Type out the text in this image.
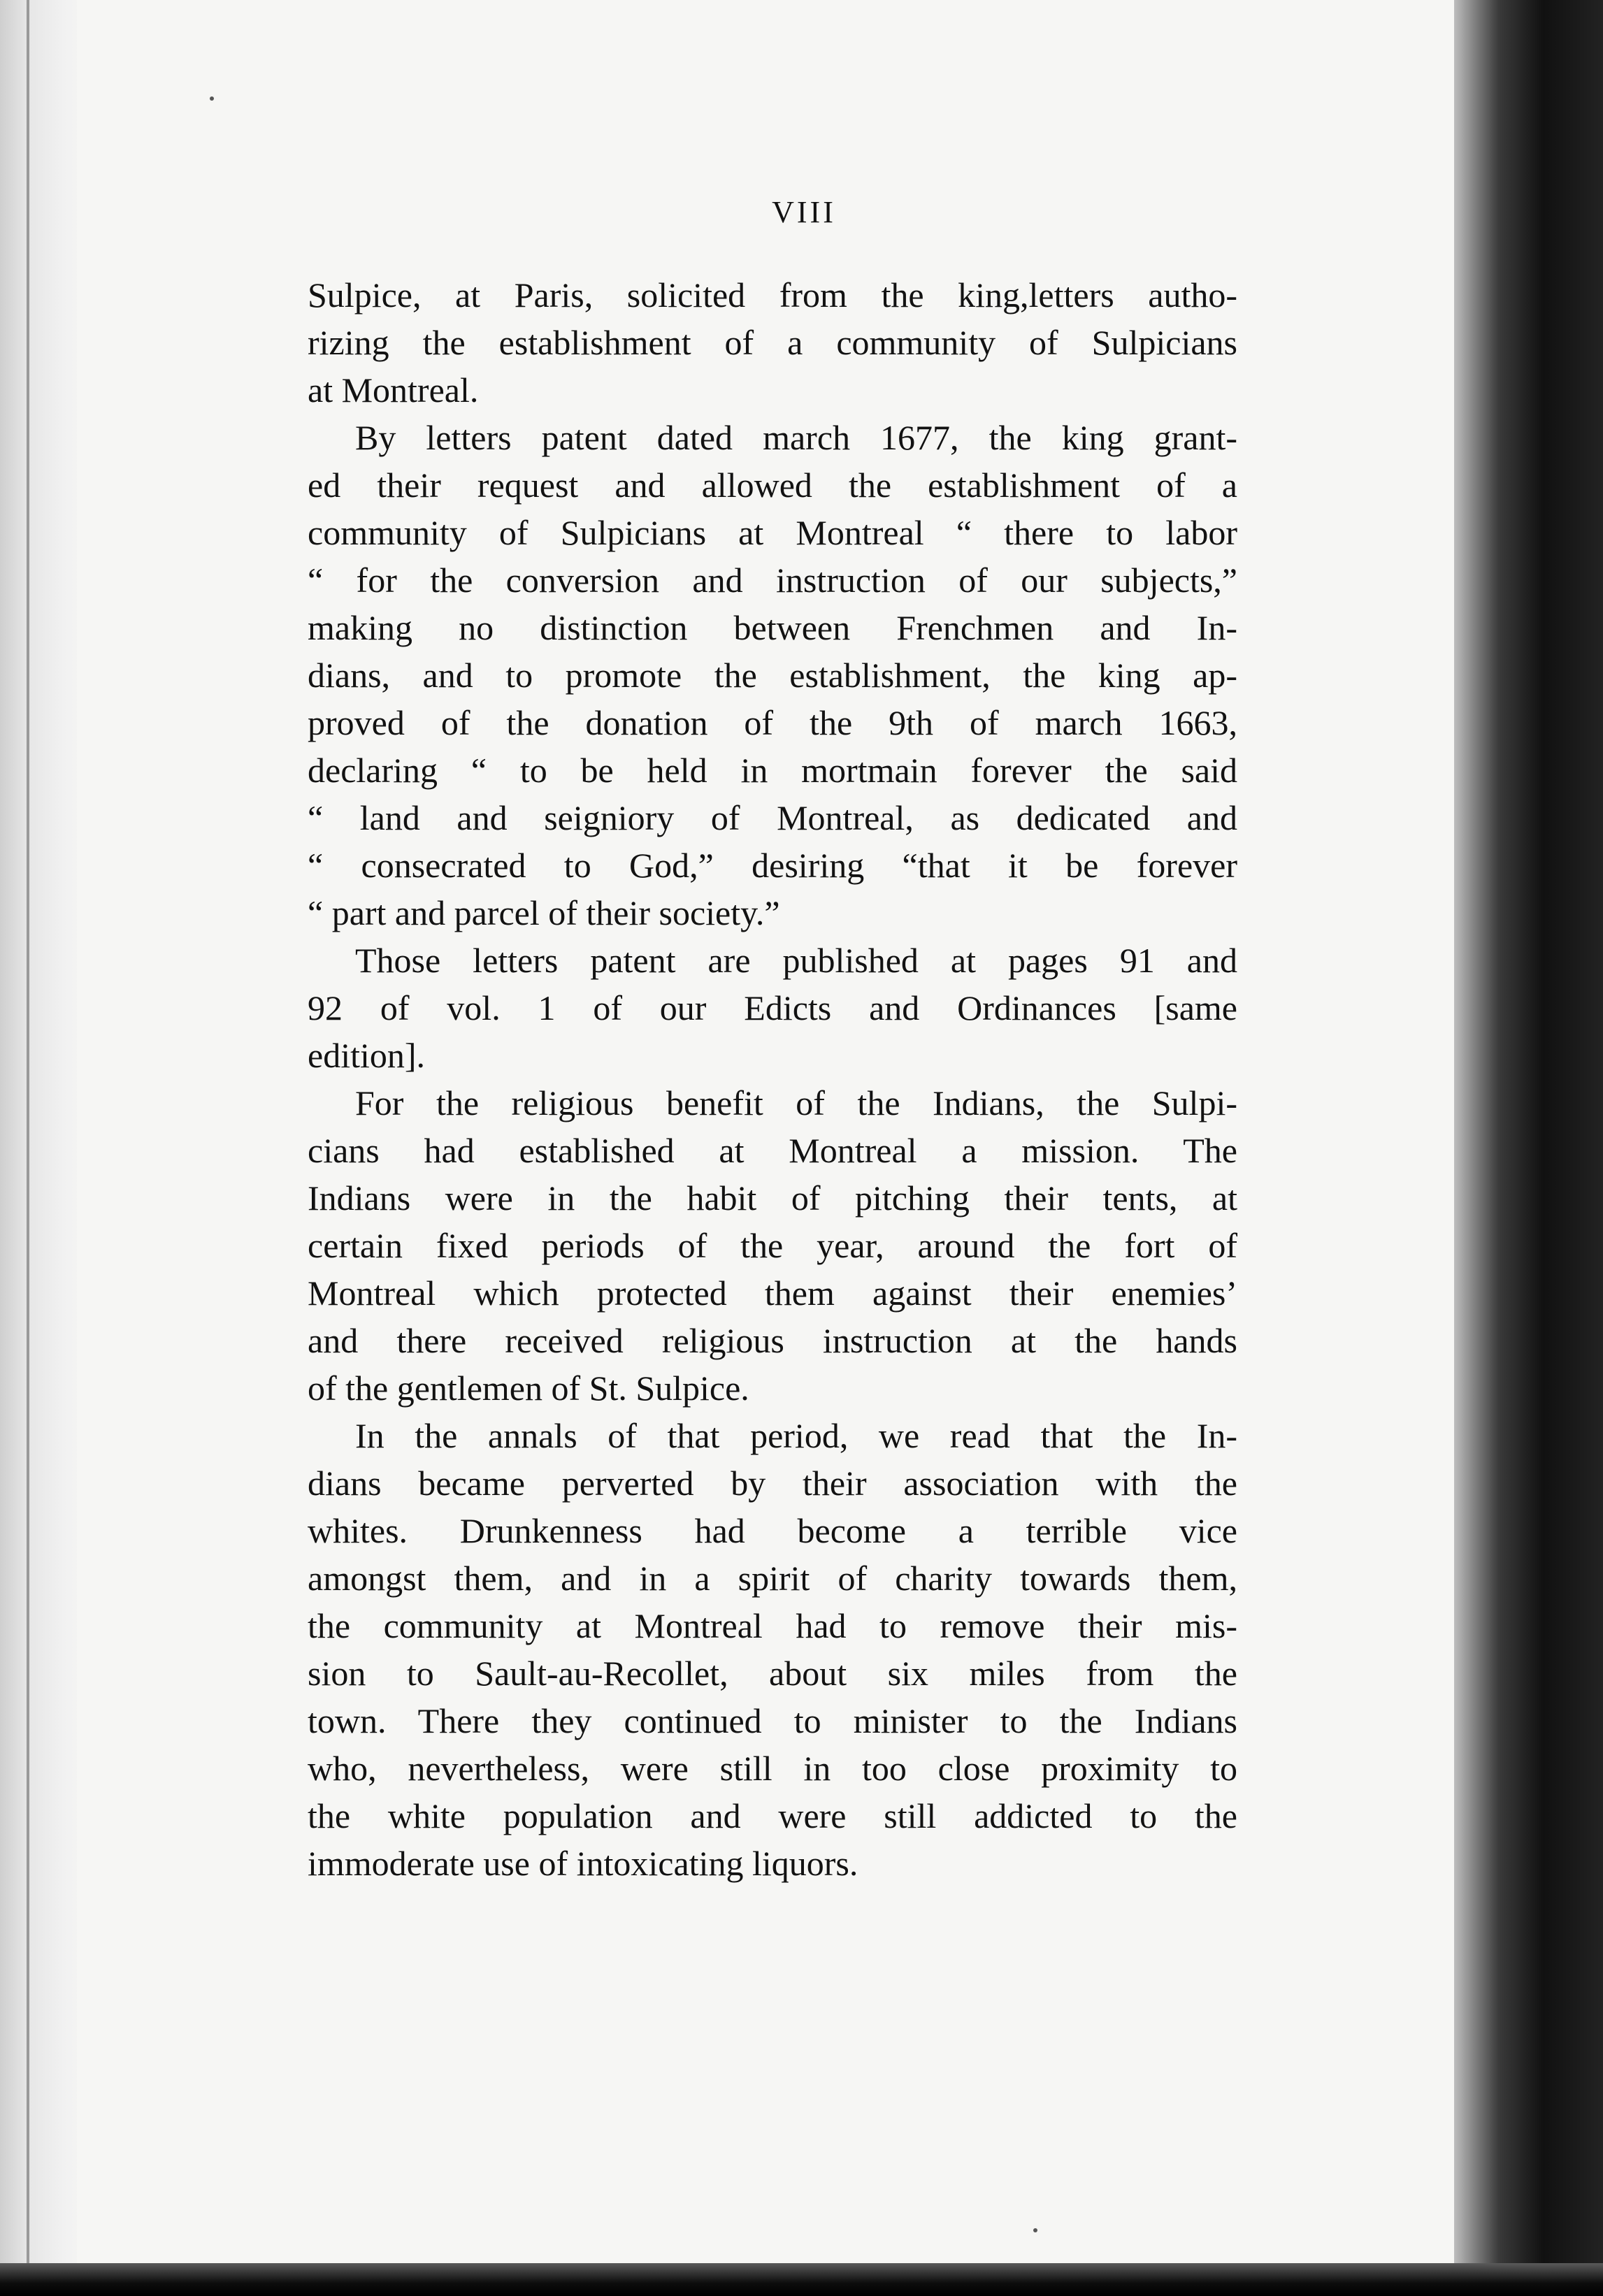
VIII

Sulpice, at Paris, solicited from the king,letters autho-
rizing the establishment of a community of Sulpicians
at Montreal.

By letters patent dated march 1677, the king grant-
ed their request and allowed the establishment of a
community of Sulpicians at Montreal “ there to labor
“ for the conversion and instruction of our subjects,”
making no distinction between Frenchmen and In-
dians, and to promote the establishment, the king ap-
proved of the donation of the 9th of march 1663,
declaring “ to be held in mortmain forever the said
“ land and seigniory of Montreal, as dedicated and
“ consecrated to God,” desiring “that it be forever
“ part and parcel of their society.”

Those letters patent are published at pages 91 and
92 of vol. 1 of our Edicts and Ordinances [same
edition].

For the religious benefit of the Indians, the Sulpi-
cians had established at Montreal a mission. The
Indians were in the habit of pitching their tents, at
certain fixed periods of the year, around the fort of
Montreal which protected them against their enemies’
and there received religious instruction at the hands
of the gentlemen of St. Sulpice.

In the annals of that period, we read that the In-
dians became perverted by their association with the
whites. Drunkenness had become a terrible vice
amongst them, and in a spirit of charity towards them,
the community at Montreal had to remove their mis-
sion to Sault-au-Recollet, about six miles from the
town. There they continued to minister to the Indians
who, nevertheless, were still in too close proximity to
the white population and were still addicted to the
immoderate use of intoxicating liquors.
